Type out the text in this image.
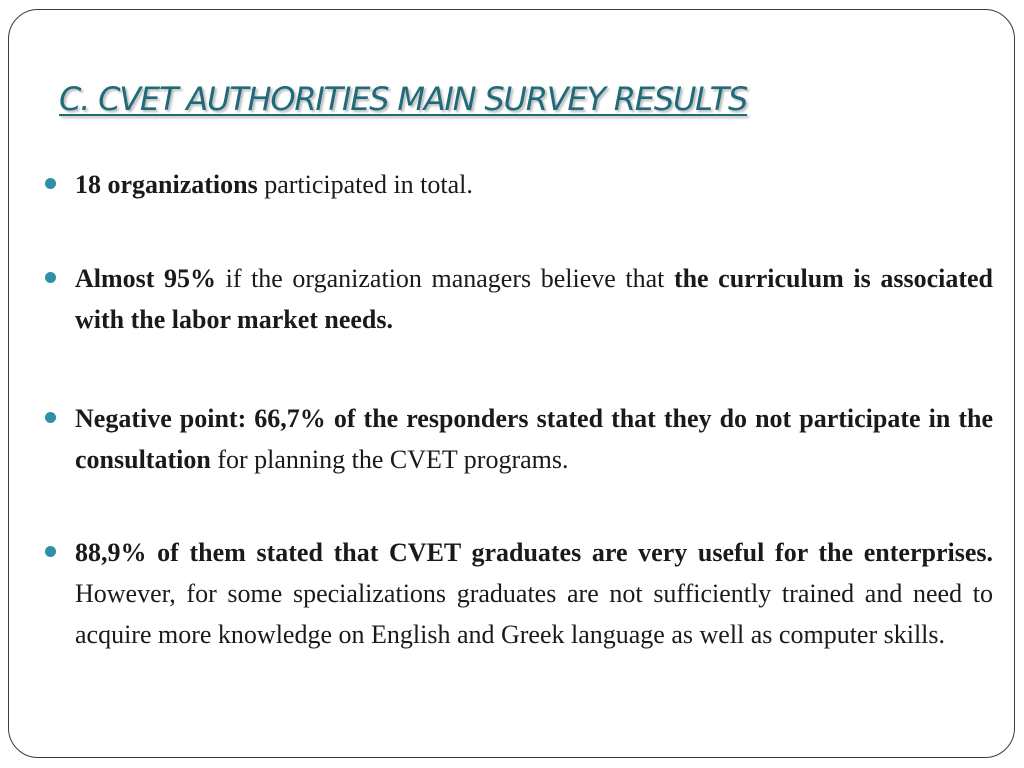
C. CVET AUTHORITIES MAIN SURVEY RESULTS
18 organizations participated in total.
Almost 95% if the organization managers believe that the curriculum is associated with the labor market needs.
Negative point: 66,7% of the responders stated that they do not participate in the consultation for planning the CVET programs.
88,9% of them stated that CVET graduates are very useful for the enterprises. However, for some specializations graduates are not sufficiently trained and need to acquire more knowledge on English and Greek language as well as computer skills.
